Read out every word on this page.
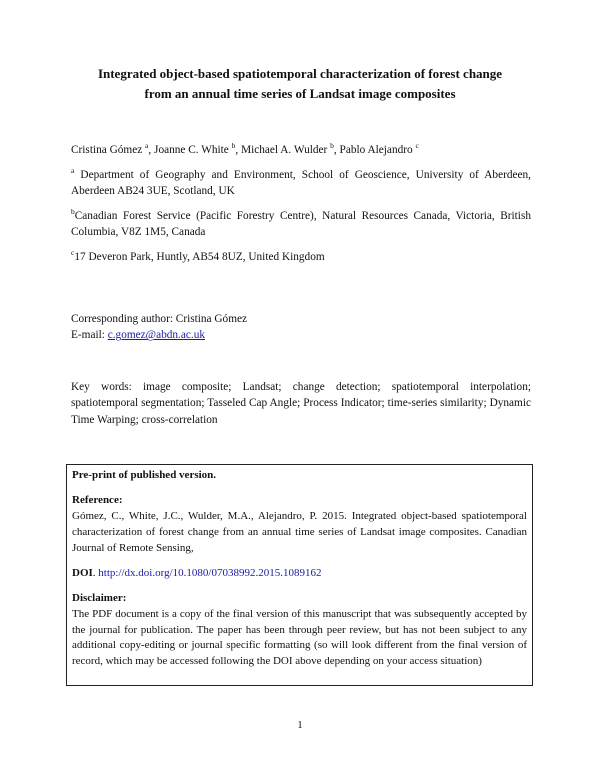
Integrated object-based spatiotemporal characterization of forest change
from an annual time series of Landsat image composites
Cristina Gómez $^a$, Joanne C. White $^b$, Michael A. Wulder $^b$, Pablo Alejandro $^c$
$^a$ Department of Geography and Environment, School of Geoscience, University of Aberdeen, Aberdeen AB24 3UE, Scotland, UK
$^b$Canadian Forest Service (Pacific Forestry Centre), Natural Resources Canada, Victoria, British Columbia, V8Z 1M5, Canada
$^c$17 Deveron Park, Huntly, AB54 8UZ, United Kingdom
Corresponding author: Cristina Gómez
E-mail: c.gomez@abdn.ac.uk
Key words: image composite; Landsat; change detection; spatiotemporal interpolation; spatiotemporal segmentation; Tasseled Cap Angle; Process Indicator; time-series similarity; Dynamic Time Warping; cross-correlation

Pre-print of published version.

Reference:

Gómez, C., White, J.C., Wulder, M.A., Alejandro, P. 2015. Integrated object-based spatiotemporal characterization of forest change from an annual time series of Landsat image composites. Canadian Journal of Remote Sensing,

DOI. http://dx.doi.org/10.1080/07038992.2015.1089162

Disclaimer:

The PDF document is a copy of the final version of this manuscript that was subsequently accepted by the journal for publication. The paper has been through peer review, but has not been subject to any additional copy-editing or journal specific formatting (so will look different from the final version of record, which may be accessed following the DOI above depending on your access situation)

1
